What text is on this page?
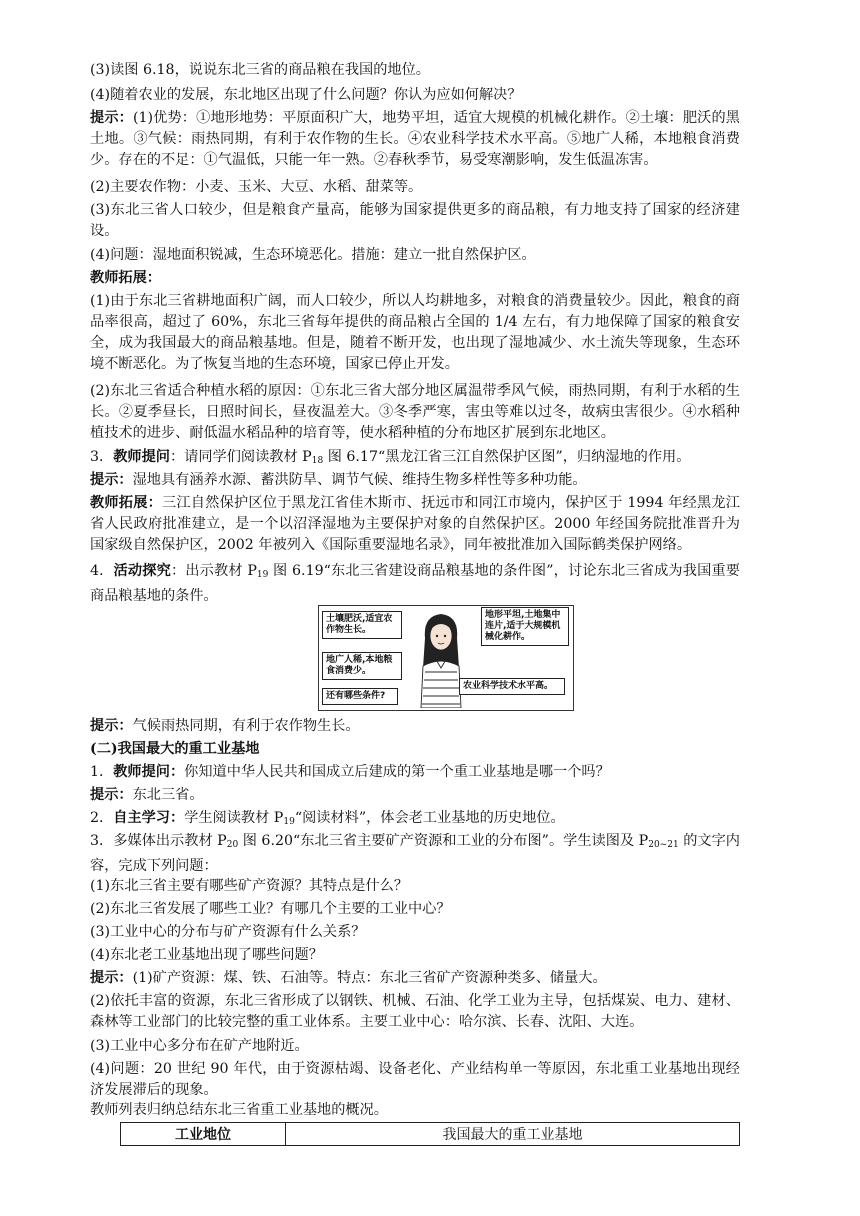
(3)读图 6.18，说说东北三省的商品粮在我国的地位。

(4)随着农业的发展，东北地区出现了什么问题？你认为应如何解决？

提示：(1)优势：①地形地势：平原面积广大，地势平坦，适宜大规模的机械化耕作。②土壤：肥沃的黑土地。③气候：雨热同期，有利于农作物的生长。④农业科学技术水平高。⑤地广人稀，本地粮食消费少。存在的不足：①气温低，只能一年一熟。②春秋季节，易受寒潮影响，发生低温冻害。

(2)主要农作物：小麦、玉米、大豆、水稻、甜菜等。

(3)东北三省人口较少，但是粮食产量高，能够为国家提供更多的商品粮，有力地支持了国家的经济建设。

(4)问题：湿地面积锐减，生态环境恶化。措施：建立一批自然保护区。

教师拓展：

(1)由于东北三省耕地面积广阔，而人口较少，所以人均耕地多，对粮食的消费量较少。因此，粮食的商品率很高，超过了 60%，东北三省每年提供的商品粮占全国的 1/4 左右，有力地保障了国家的粮食安全，成为我国最大的商品粮基地。但是，随着不断开发，也出现了湿地减少、水土流失等现象，生态环境不断恶化。为了恢复当地的生态环境，国家已停止开发。

(2)东北三省适合种植水稻的原因：①东北三省大部分地区属温带季风气候，雨热同期，有利于水稻的生长。②夏季昼长，日照时间长，昼夜温差大。③冬季严寒，害虫等难以过冬，故病虫害很少。④水稻种植技术的进步、耐低温水稻品种的培育等，使水稻种植的分布地区扩展到东北地区。

3．教师提问：请同学们阅读教材 $P_{18}$ 图 6.17“黑龙江省三江自然保护区图”，归纳湿地的作用。

提示：湿地具有涵养水源、蓄洪防旱、调节气候、维持生物多样性等多种功能。

教师拓展：三江自然保护区位于黑龙江省佳木斯市、抚远市和同江市境内，保护区于 1994 年经黑龙江省人民政府批准建立，是一个以沼泽湿地为主要保护对象的自然保护区。2000 年经国务院批准晋升为国家级自然保护区，2002 年被列入《国际重要湿地名录》，同年被批准加入国际鹤类保护网络。

4．活动探究：出示教材 $P_{19}$ 图 6.19“东北三省建设商品粮基地的条件图”，讨论东北三省成为我国重要商品粮基地的条件。

土壤肥沃,适宜农作物生长。
地形平坦,土地集中连片,适于大规模机械化耕作。
地广人稀,本地粮食消费少。
农业科学技术水平高。
还有哪些条件?

提示：气候雨热同期，有利于农作物生长。

(二)我国最大的重工业基地

1．教师提问：你知道中华人民共和国成立后建成的第一个重工业基地是哪一个吗？

提示：东北三省。

2．自主学习：学生阅读教材 $P_{19}“$阅读材料”，体会老工业基地的历史地位。

3．多媒体出示教材 $P_{20}$ 图 6.20“东北三省主要矿产资源和工业的分布图”。学生读图及 $P_{20\sim 21}$ 的文字内容，完成下列问题：

(1)东北三省主要有哪些矿产资源？其特点是什么？

(2)东北三省发展了哪些工业？有哪几个主要的工业中心？

(3)工业中心的分布与矿产资源有什么关系？

(4)东北老工业基地出现了哪些问题？

提示：(1)矿产资源：煤、铁、石油等。特点：东北三省矿产资源种类多、储量大。

(2)依托丰富的资源，东北三省形成了以钢铁、机械、石油、化学工业为主导，包括煤炭、电力、建材、森林等工业部门的比较完整的重工业体系。主要工业中心：哈尔滨、长春、沈阳、大连。

(3)工业中心多分布在矿产地附近。

(4)问题：20 世纪 90 年代，由于资源枯竭、设备老化、产业结构单一等原因，东北重工业基地出现经济发展滞后的现象。

教师列表归纳总结东北三省重工业基地的概况。

工业地位	我国最大的重工业基地
